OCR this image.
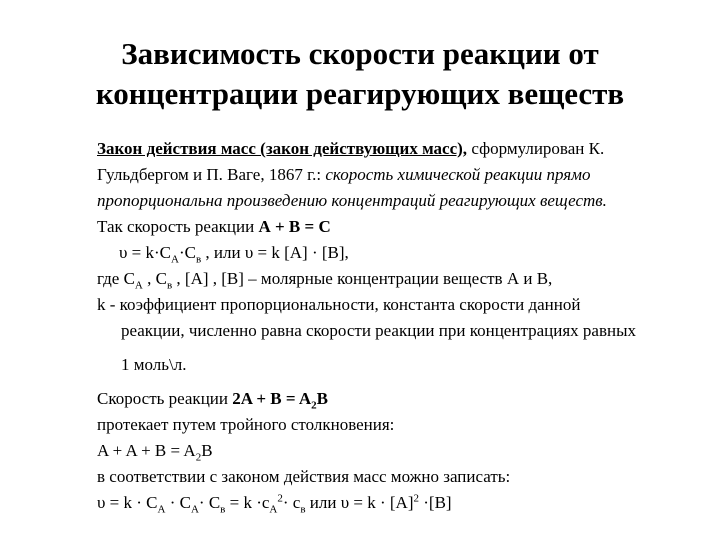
Зависимость скорости реакции от
концентрации реагирующих веществ
Закон действия масс (закон действующих масс), сформулирован К.
Гульдбергом и П. Ваге, 1867 г.: скорость химической реакции прямо
пропорциональна произведению концентраций реагирующих веществ.
Так скорость реакции А + В = С
$\upsilon = k\cdot C_A\cdot C_в$ , или υ = k [A] · [B],
где $C_A$ , $C_в$ , [A] , [B] – молярные концентрации веществ А и В,
k - коэффициент пропорциональности, константа скорости данной
реакции, численно равна скорости реакции при концентрациях равных
1 моль\л.
Скорость реакции $2A + B = A_2B$
протекает путем тройного столкновения:
$A + A + B = A_2B$
в соответствии с законом действия масс можно записать:
$\upsilon = k \cdot C_A \cdot C_A\cdot C_в = k \cdot c_A^2\cdot c_в$ или $\upsilon = k \cdot [A]^2 \cdot[B]$
